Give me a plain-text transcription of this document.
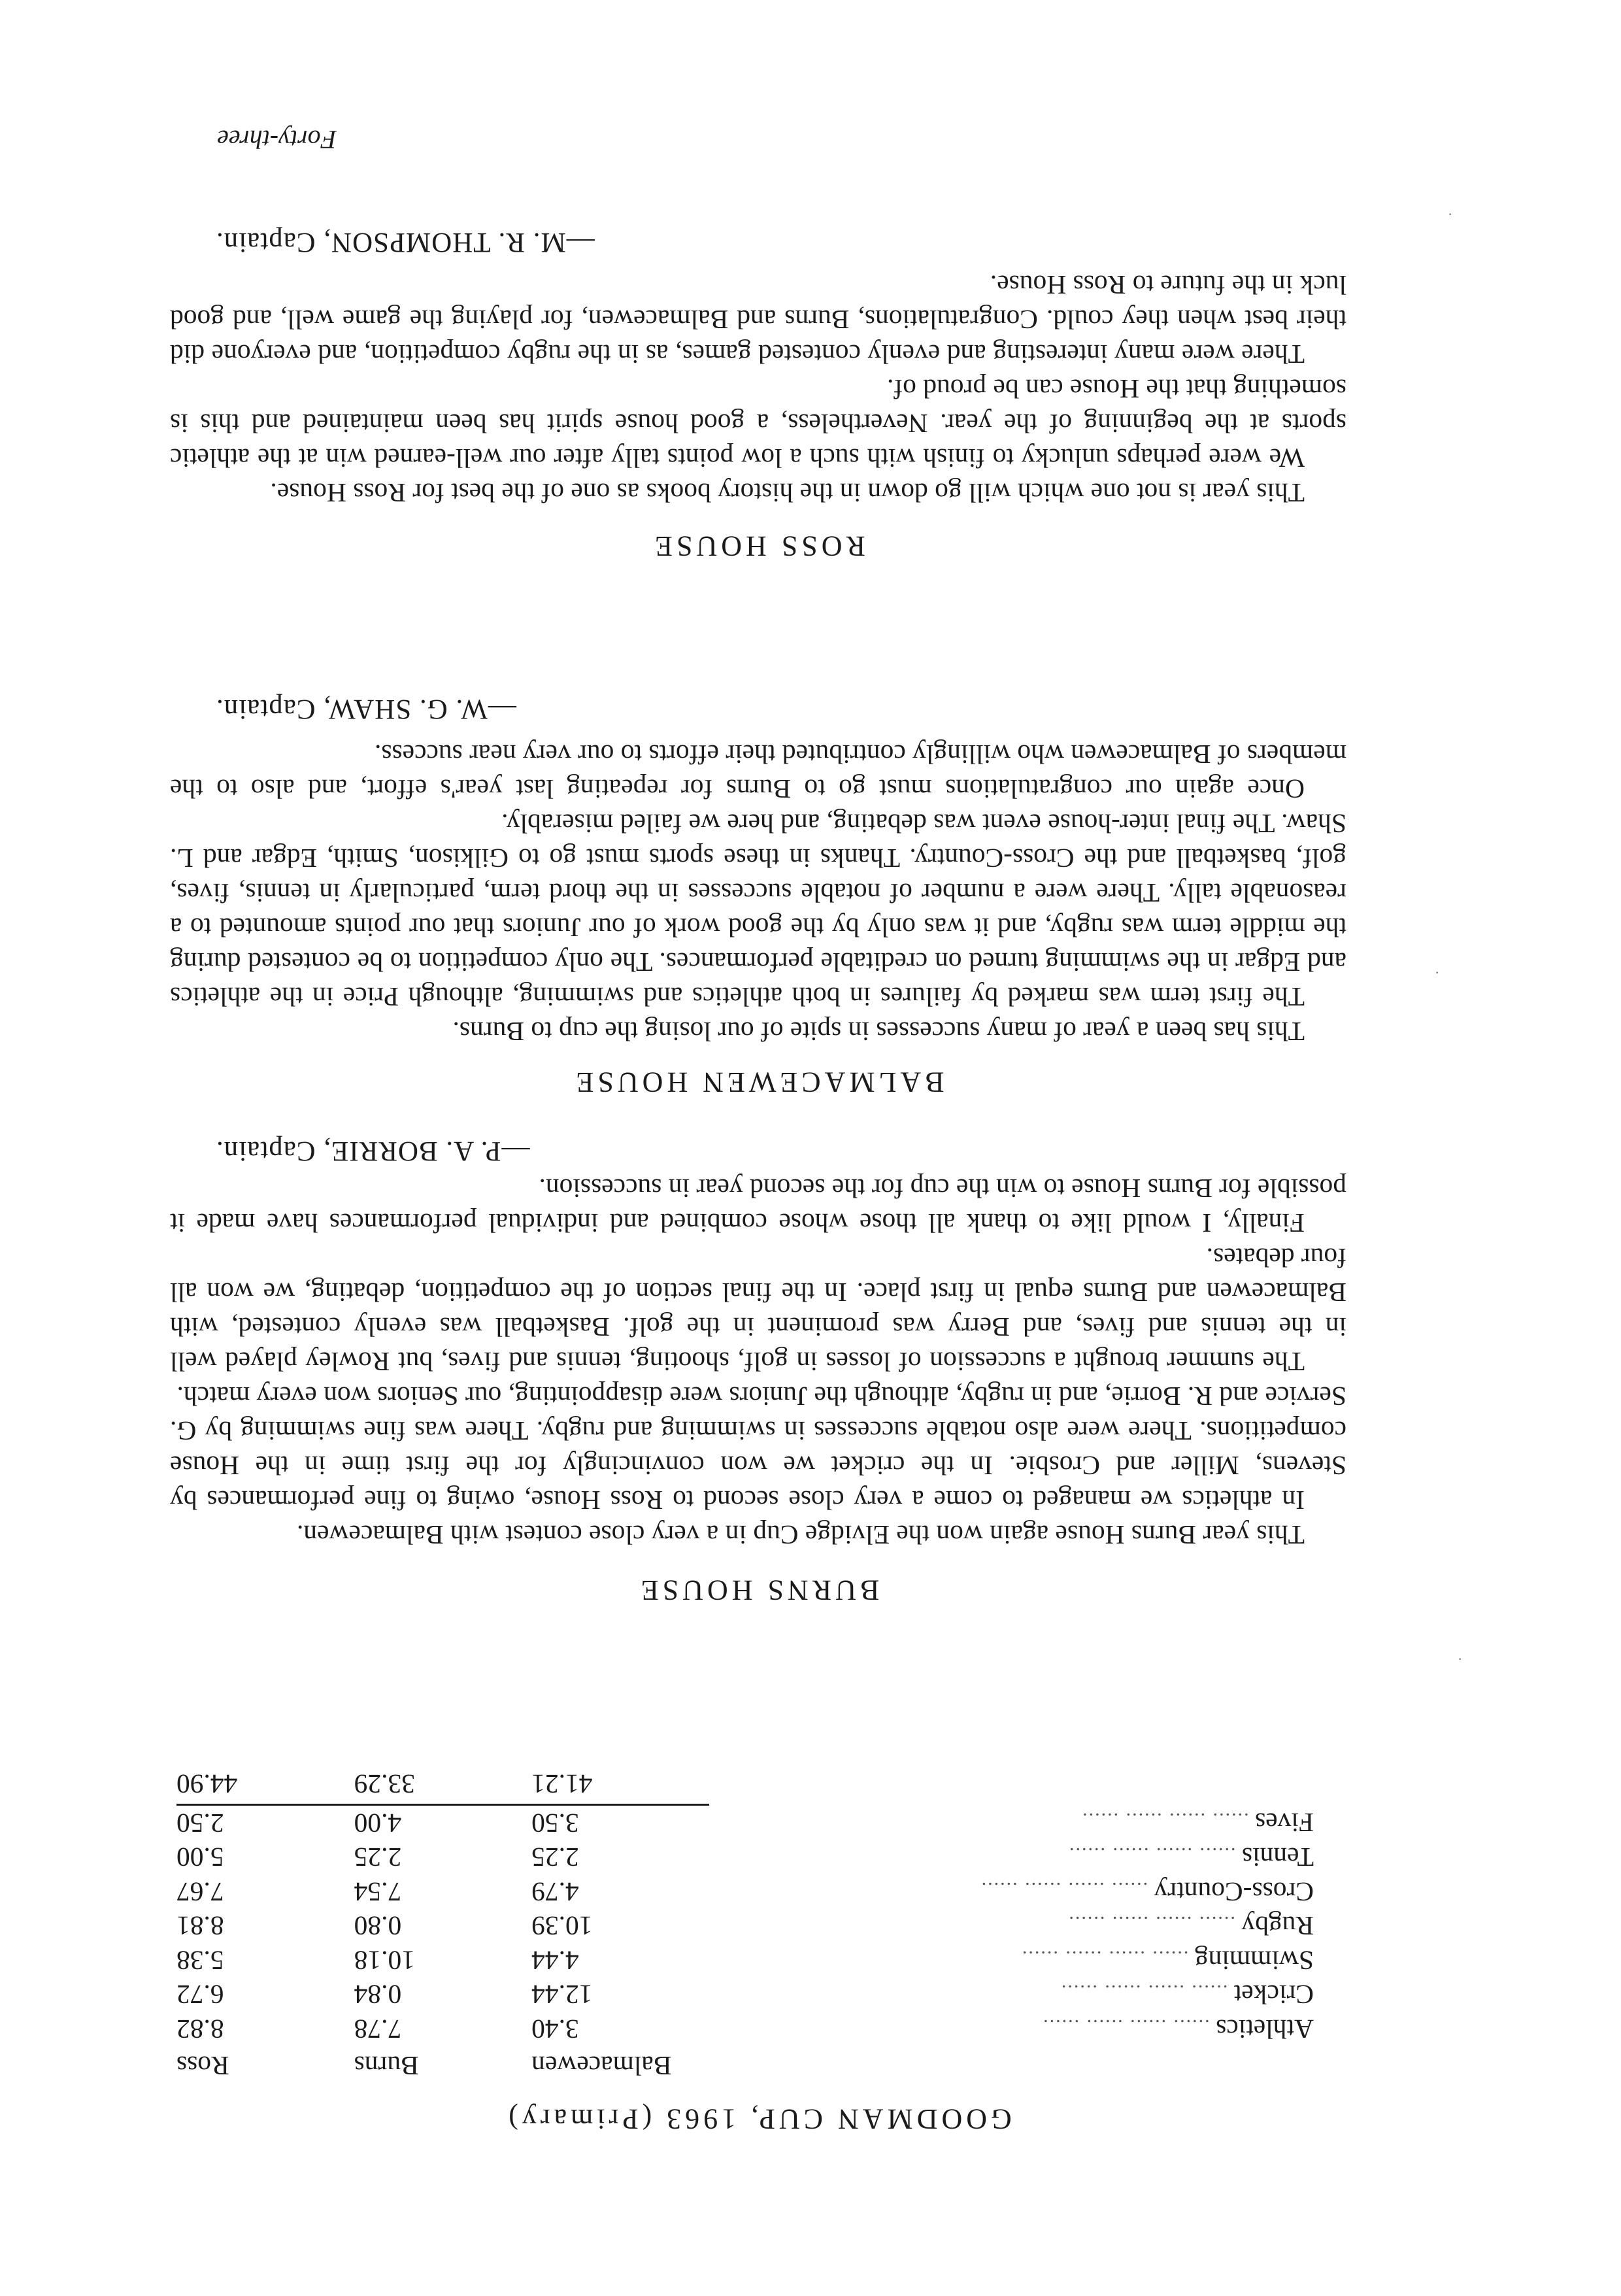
GOODMAN CUP, 1963 (Primary)
	Balmacewen	Burns	Ross
Athletics ...... ...... ...... ......	3.40	7.78	8.82
Cricket ...... ...... ...... ......	12.44	0.84	6.72
Swimming ...... ...... ...... ......	4.44	10.18	5.38
Rugby ...... ...... ...... ......	10.39	0.80	8.81
Cross-Country ...... ...... ...... ......	4.79	7.54	7.67
Tennis ...... ...... ...... ......	2.25	2.25	5.00
Fives ...... ...... ...... ......	3.50	4.00	2.50
	41.21	33.29	44.90
BURNS HOUSE

This year Burns House again won the Elvidge Cup in a very close contest with Balmacewen.

In athletics we managed to come a very close second to Ross House, owing to fine performances by Stevens, Miller and Crosbie. In the cricket we won convincingly for the first time in the House competitions. There were also notable successes in swimming and rugby. There was fine swimming by G. Service and R. Borrie, and in rugby, although the Juniors were disappointing, our Seniors won every match.

The summer brought a succession of losses in golf, shooting, tennis and fives, but Rowley played well in the tennis and fives, and Berry was prominent in the golf. Basketball was evenly contested, with Balmacewen and Burns equal in first place. In the final section of the competition, debating, we won all four debates.

Finally, I would like to thank all those whose combined and individual performances have made it possible for Burns House to win the cup for the second year in succession.

—P. A. BORRIE, Captain.
BALMACEWEN HOUSE

This has been a year of many successes in spite of our losing the cup to Burns.

The first term was marked by failures in both athletics and swimming, although Price in the athletics and Edgar in the swimming turned on creditable performances. The only competition to be contested during the middle term was rugby, and it was only by the good work of our Juniors that our points amounted to a reasonable tally. There were a number of notable successes in the thord term, particularly in tennis, fives, golf, basketball and the Cross-Country. Thanks in these sports must go to Gilkison, Smith, Edgar and L. Shaw. The final inter-house event was debating, and here we failed miserably.

Once again our congratulations must go to Burns for repeating last year's effort, and also to the members of Balmacewen who willingly contributed their efforts to our very near success.

—W. G. SHAW, Captain.
ROSS HOUSE

This year is not one which will go down in the history books as one of the best for Ross House.

We were perhaps unlucky to finish with such a low points tally after our well-earned win at the athletic sports at the beginning of the year. Nevertheless, a good house spirit has been maintained and this is something that the House can be proud of.

There were many interesting and evenly contested games, as in the rugby competition, and everyone did their best when they could. Congratulations, Burns and Balmacewen, for playing the game well, and good luck in the future to Ross House.

—M. R. THOMPSON, Captain.
Forty-three
·
·
·
